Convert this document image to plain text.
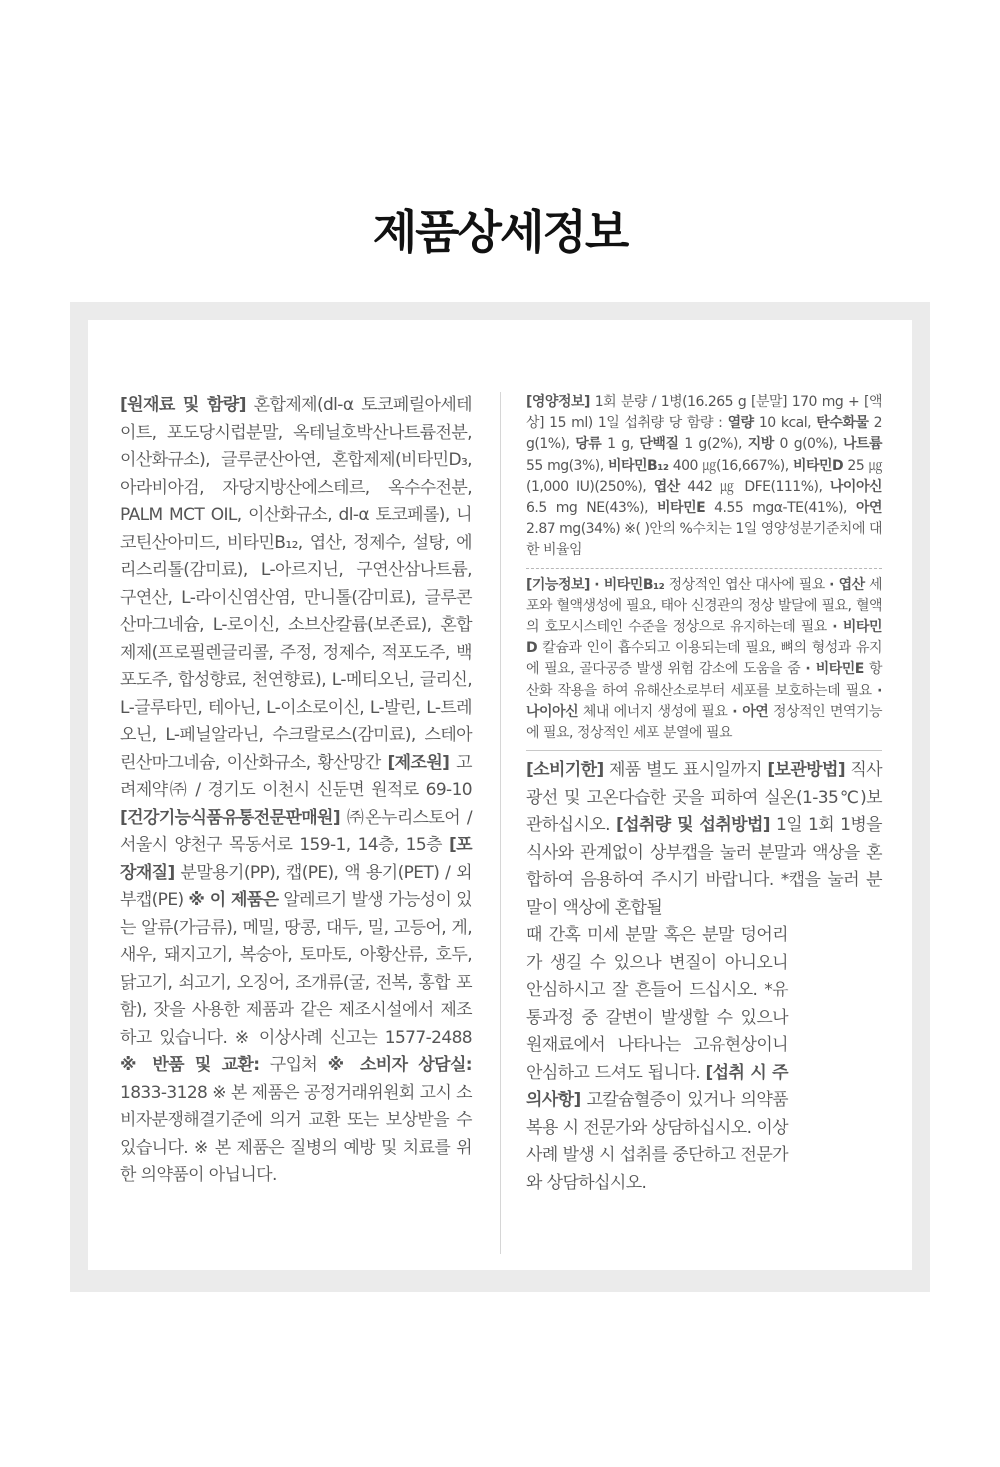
제품상세정보
[원재료 및 함량] 혼합제제(dl-α 토코페릴아세테이트, 포도당시럽분말, 옥테닐호박산나트륨전분, 이산화규소), 글루쿤산아연, 혼합제제(비타민D₃, 아라비아검, 자당지방산에스테르, 옥수수전분, PALM MCT OIL, 이산화규소, dl-α 토코페롤), 니코틴산아미드, 비타민B₁₂, 엽산, 정제수, 설탕, 에리스리톨(감미료), L-아르지닌, 구연산삼나트륨, 구연산, L-라이신염산염, 만니톨(감미료), 글루콘산마그네슘, L-로이신, 소브산칼륨(보존료), 혼합제제(프로필렌글리콜, 주정, 정제수, 적포도주, 백포도주, 합성향료, 천연향료), L-메티오닌, 글리신, L-글루타민, 테아닌, L-이소로이신, L-발린, L-트레오닌, L-페닐알라닌, 수크랄로스(감미료), 스테아린산마그네슘, 이산화규소, 황산망간 [제조원] 고려제약㈜ / 경기도 이천시 신둔면 원적로 69-10 [건강기능식품유통전문판매원] ㈜온누리스토어 / 서울시 양천구 목동서로 159-1, 14층, 15층 [포장재질] 분말용기(PP), 캡(PE), 액 용기(PET) / 외부캡(PE) ※ 이 제품은 알레르기 발생 가능성이 있는 알류(가금류), 메밀, 땅콩, 대두, 밀, 고등어, 게, 새우, 돼지고기, 복숭아, 토마토, 아황산류, 호두, 닭고기, 쇠고기, 오징어, 조개류(굴, 전복, 홍합 포함), 잣을 사용한 제품과 같은 제조시설에서 제조하고 있습니다. ※ 이상사례 신고는 1577-2488 ※ 반품 및 교환: 구입처 ※ 소비자 상담실: 1833-3128 ※ 본 제품은 공정거래위원회 고시 소비자분쟁해결기준에 의거 교환 또는 보상받을 수 있습니다. ※ 본 제품은 질병의 예방 및 치료를 위한 의약품이 아닙니다.
[영양정보] 1회 분량 / 1병(16.265 g [분말] 170 mg + [액상] 15 ml) 1일 섭취량 당 함량 : 열량 10 kcal, 탄수화물 2 g(1%), 당류 1 g, 단백질 1 g(2%), 지방 0 g(0%), 나트륨 55 mg(3%), 비타민B₁₂ 400 ㎍(16,667%), 비타민D 25 ㎍(1,000 IU)(250%), 엽산 442 ㎍ DFE(111%), 나이아신 6.5 mg NE(43%), 비타민E 4.55 mgα-TE(41%), 아연 2.87 mg(34%) ※( )안의 %수치는 1일 영양성분기준치에 대한 비율임
[기능정보] · 비타민B₁₂ 정상적인 엽산 대사에 필요 · 엽산 세포와 혈액생성에 필요, 태아 신경관의 정상 발달에 필요, 혈액의 호모시스테인 수준을 정상으로 유지하는데 필요 · 비타민D 칼슘과 인이 흡수되고 이용되는데 필요, 뼈의 형성과 유지에 필요, 골다공증 발생 위험 감소에 도움을 줌 · 비타민E 항산화 작용을 하여 유해산소로부터 세포를 보호하는데 필요 · 나이아신 체내 에너지 생성에 필요 · 아연 정상적인 면역기능에 필요, 정상적인 세포 분열에 필요
[소비기한] 제품 별도 표시일까지 [보관방법] 직사광선 및 고온다습한 곳을 피하여 실온(1-35℃)보관하십시오. [섭취량 및 섭취방법] 1일 1회 1병을 식사와 관계없이 상부캡을 눌러 분말과 액상을 혼합하여 음용하여 주시기 바랍니다. *캡을 눌러 분말이 액상에 혼합될
때 간혹 미세 분말 혹은 분말 덩어리가 생길 수 있으나 변질이 아니오니 안심하시고 잘 흔들어 드십시오. *유통과정 중 갈변이 발생할 수 있으나 원재료에서 나타나는 고유현상이니 안심하고 드셔도 됩니다. [섭취 시 주의사항] 고칼슘혈증이 있거나 의약품 복용 시 전문가와 상담하십시오. 이상사례 발생 시 섭취를 중단하고 전문가와 상담하십시오.
